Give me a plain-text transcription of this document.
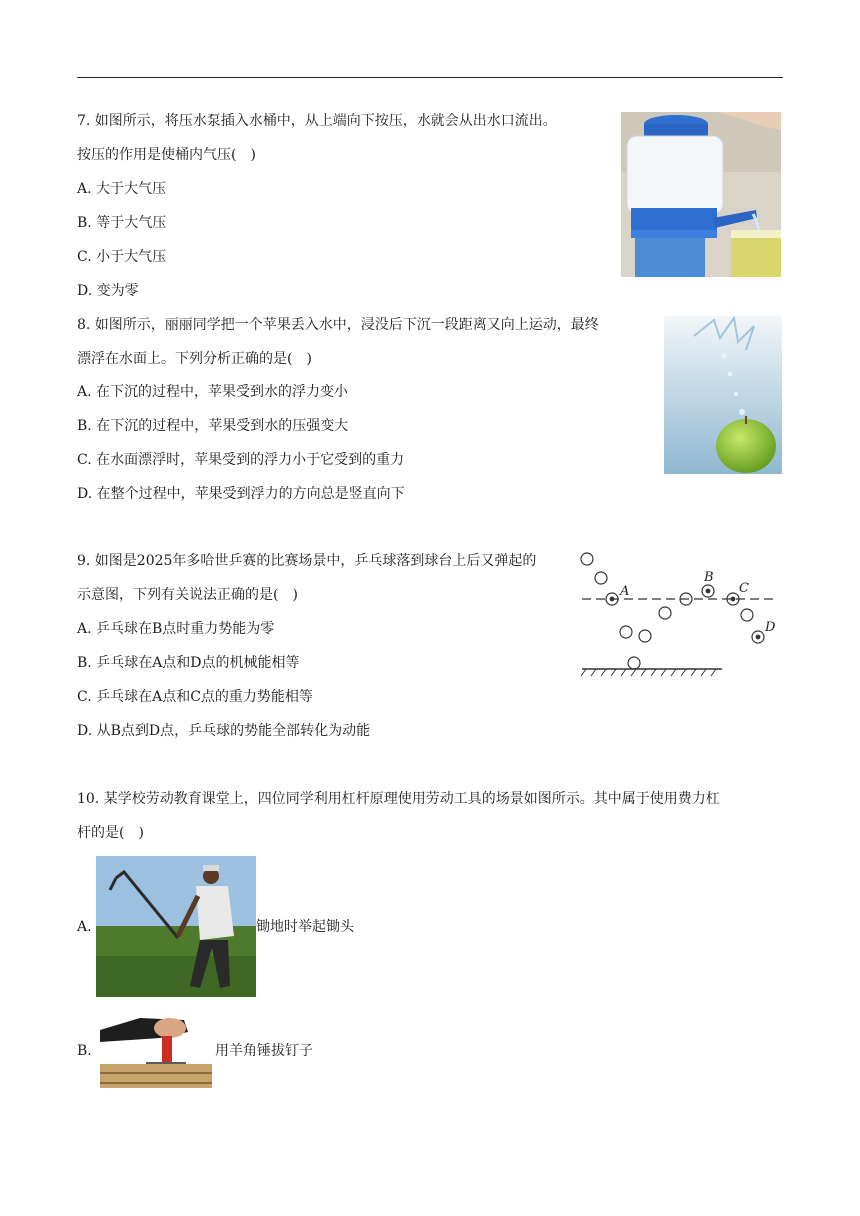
7. 如图所示，将压水泵插入水桶中，从上端向下按压，水就会从出水口流出。
按压的作用是使桶内气压(　)
A. 大于大气压
B. 等于大气压
C. 小于大气压
D. 变为零
8. 如图所示，丽丽同学把一个苹果丢入水中，浸没后下沉一段距离又向上运动，最终
漂浮在水面上。下列分析正确的是(　)
A. 在下沉的过程中，苹果受到水的浮力变小
B. 在下沉的过程中，苹果受到水的压强变大
C. 在水面漂浮时，苹果受到的浮力小于它受到的重力
D. 在整个过程中，苹果受到浮力的方向总是竖直向下
9. 如图是2025年多哈世乒赛的比赛场景中，乒乓球落到球台上后又弹起的
示意图，下列有关说法正确的是(　)
A. 乒乓球在B点时重力势能为零
B. 乒乓球在A点和D点的机械能相等
C. 乒乓球在A点和C点的重力势能相等
D. 从B点到D点，乒乓球的势能全部转化为动能
A
B
C
D
10. 某学校劳动教育课堂上，四位同学利用杠杆原理使用劳动工具的场景如图所示。其中属于使用费力杠
杆的是(　)
A.	锄地时举起锄头
B.	用羊角锤拔钉子
